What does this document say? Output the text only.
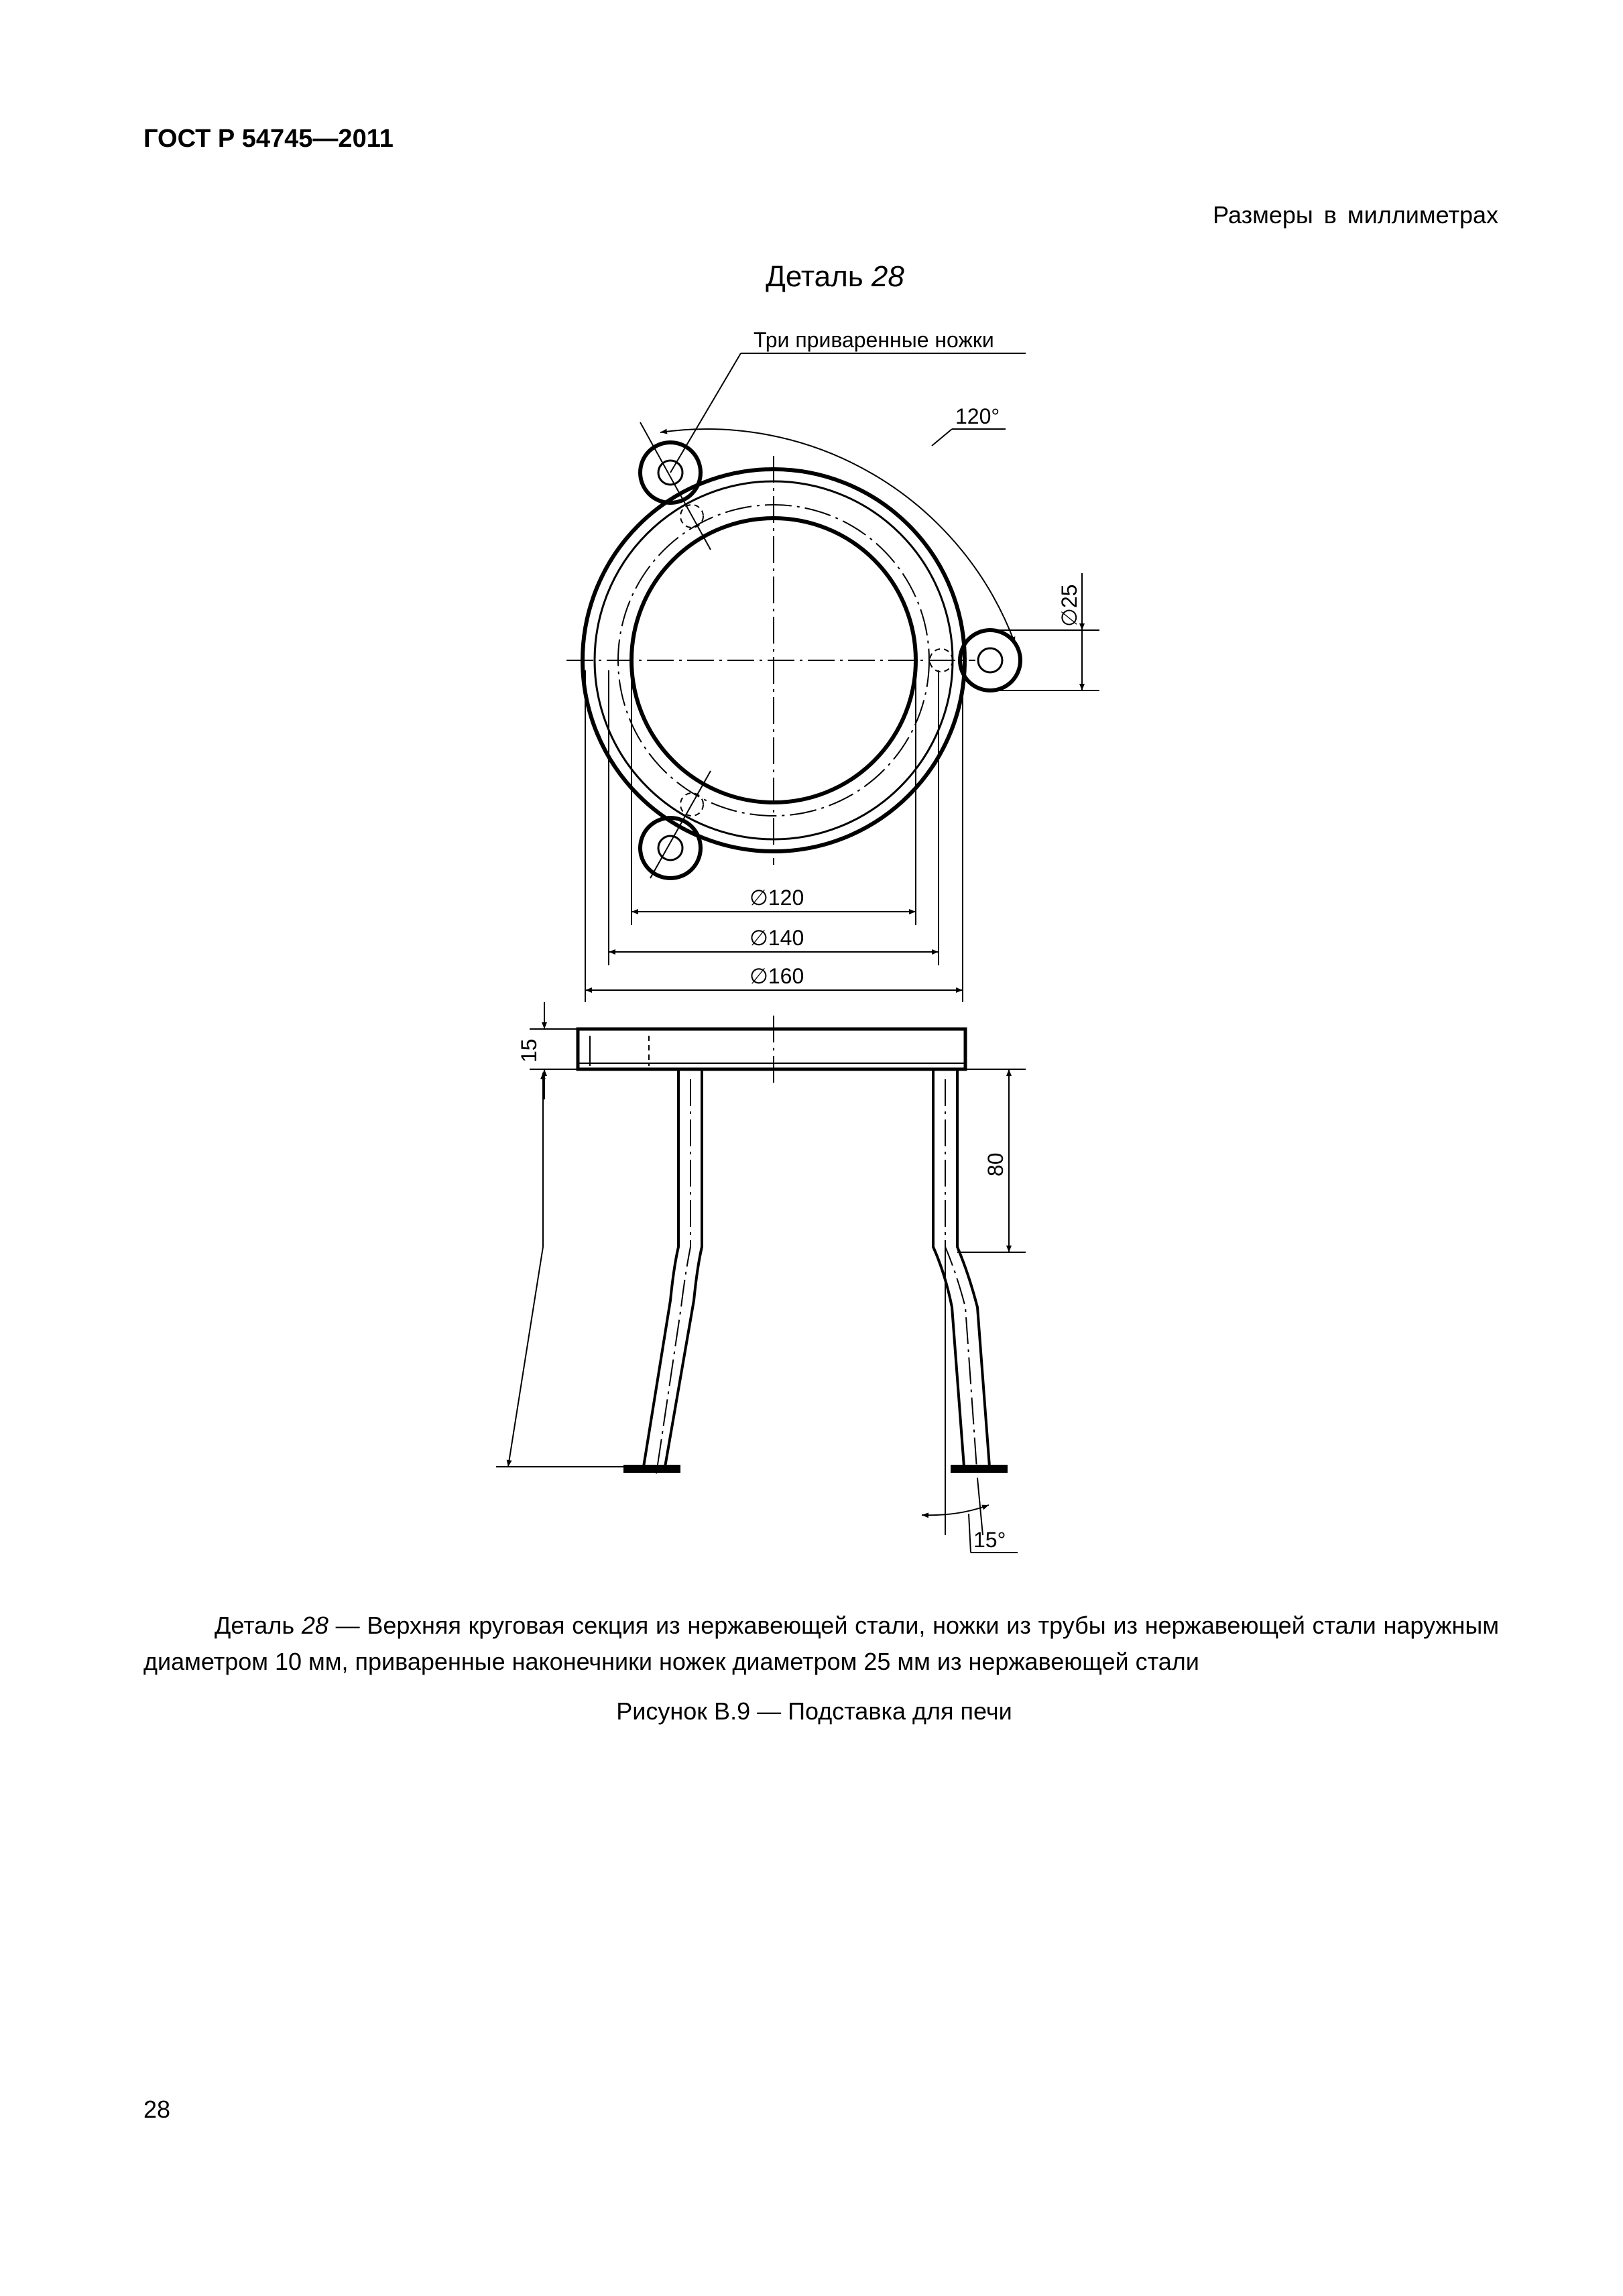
ГОСТ Р 54745—2011
Размеры в миллиметрах
Деталь 28
Три приваренные ножки
120°
∅25
∅120
∅140
∅160
15
80
15°

Деталь 28 — Верхняя круговая секция из нержавеющей стали, ножки из трубы из нержавеющей стали наружным диаметром 10 мм, приваренные наконечники ножек диаметром 25 мм из нержавеющей стали

Рисунок В.9 — Подставка для печи
28
